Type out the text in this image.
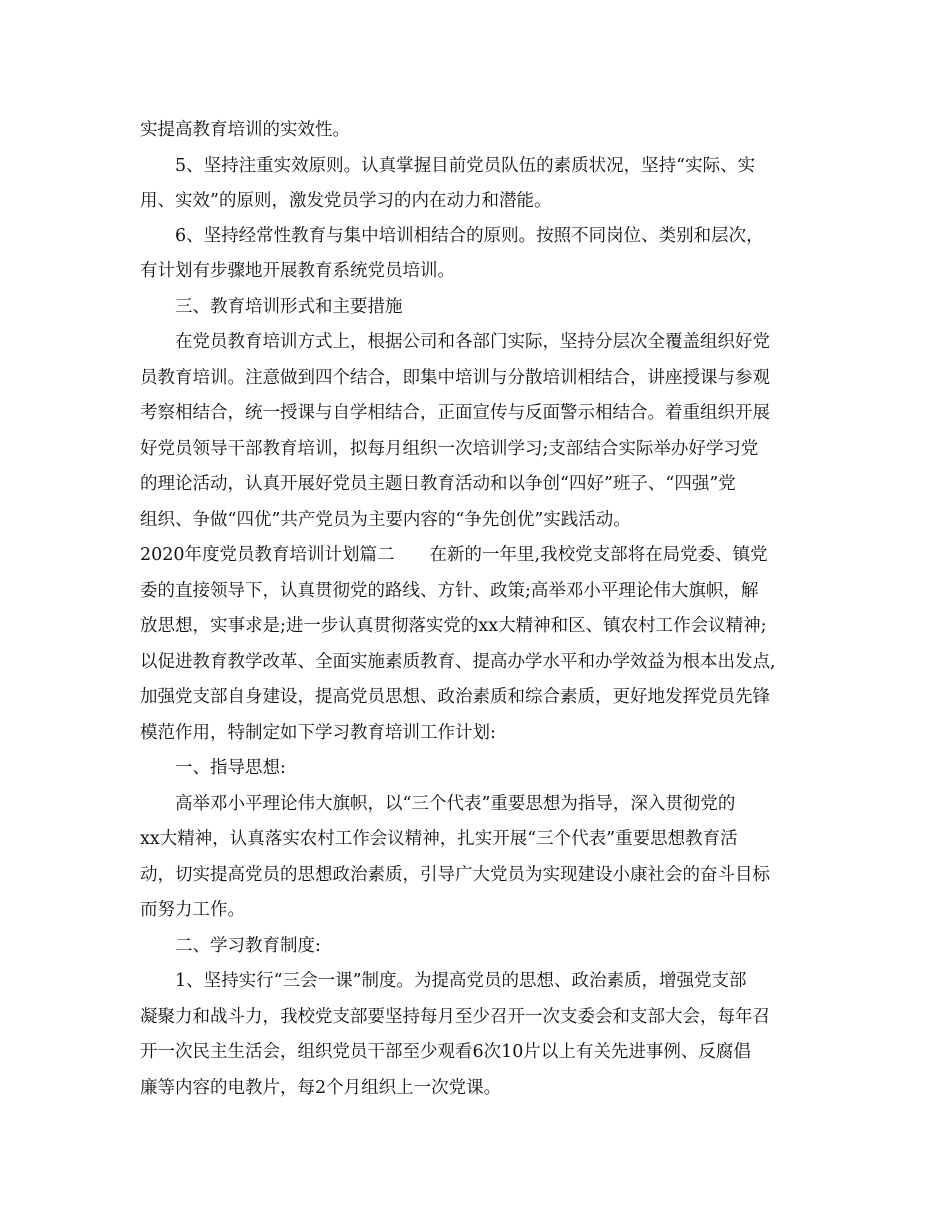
实提高教育培训的实效性。

5、坚持注重实效原则。认真掌握目前党员队伍的素质状况，坚持“实际、实

用、实效”的原则，激发党员学习的内在动力和潜能。

6、坚持经常性教育与集中培训相结合的原则。按照不同岗位、类别和层次，

有计划有步骤地开展教育系统党员培训。

三、教育培训形式和主要措施

在党员教育培训方式上，根据公司和各部门实际，坚持分层次全覆盖组织好党

员教育培训。注意做到四个结合，即集中培训与分散培训相结合，讲座授课与参观

考察相结合，统一授课与自学相结合，正面宣传与反面警示相结合。着重组织开展

好党员领导干部教育培训，拟每月组织一次培训学习;支部结合实际举办好学习党

的理论活动，认真开展好党员主题日教育活动和以争创“四好”班子、“四强”党

组织、争做“四优”共产党员为主要内容的“争先创优”实践活动。

2020年度党员教育培训计划篇二　　在新的一年里,我校党支部将在局党委、镇党

委的直接领导下，认真贯彻党的路线、方针、政策;高举邓小平理论伟大旗帜，解

放思想，实事求是;进一步认真贯彻落实党的xx大精神和区、镇农村工作会议精神;

以促进教育教学改革、全面实施素质教育、提高办学水平和办学效益为根本出发点,

加强党支部自身建设，提高党员思想、政治素质和综合素质，更好地发挥党员先锋

模范作用，特制定如下学习教育培训工作计划:

一、指导思想:

高举邓小平理论伟大旗帜，以“三个代表”重要思想为指导，深入贯彻党的

xx大精神，认真落实农村工作会议精神，扎实开展“三个代表”重要思想教育活

动，切实提高党员的思想政治素质，引导广大党员为实现建设小康社会的奋斗目标

而努力工作。

二、学习教育制度:

1、坚持实行“三会一课”制度。为提高党员的思想、政治素质，增强党支部

凝聚力和战斗力，我校党支部要坚持每月至少召开一次支委会和支部大会，每年召

开一次民主生活会，组织党员干部至少观看6次10片以上有关先进事例、反腐倡

廉等内容的电教片，每2个月组织上一次党课。
